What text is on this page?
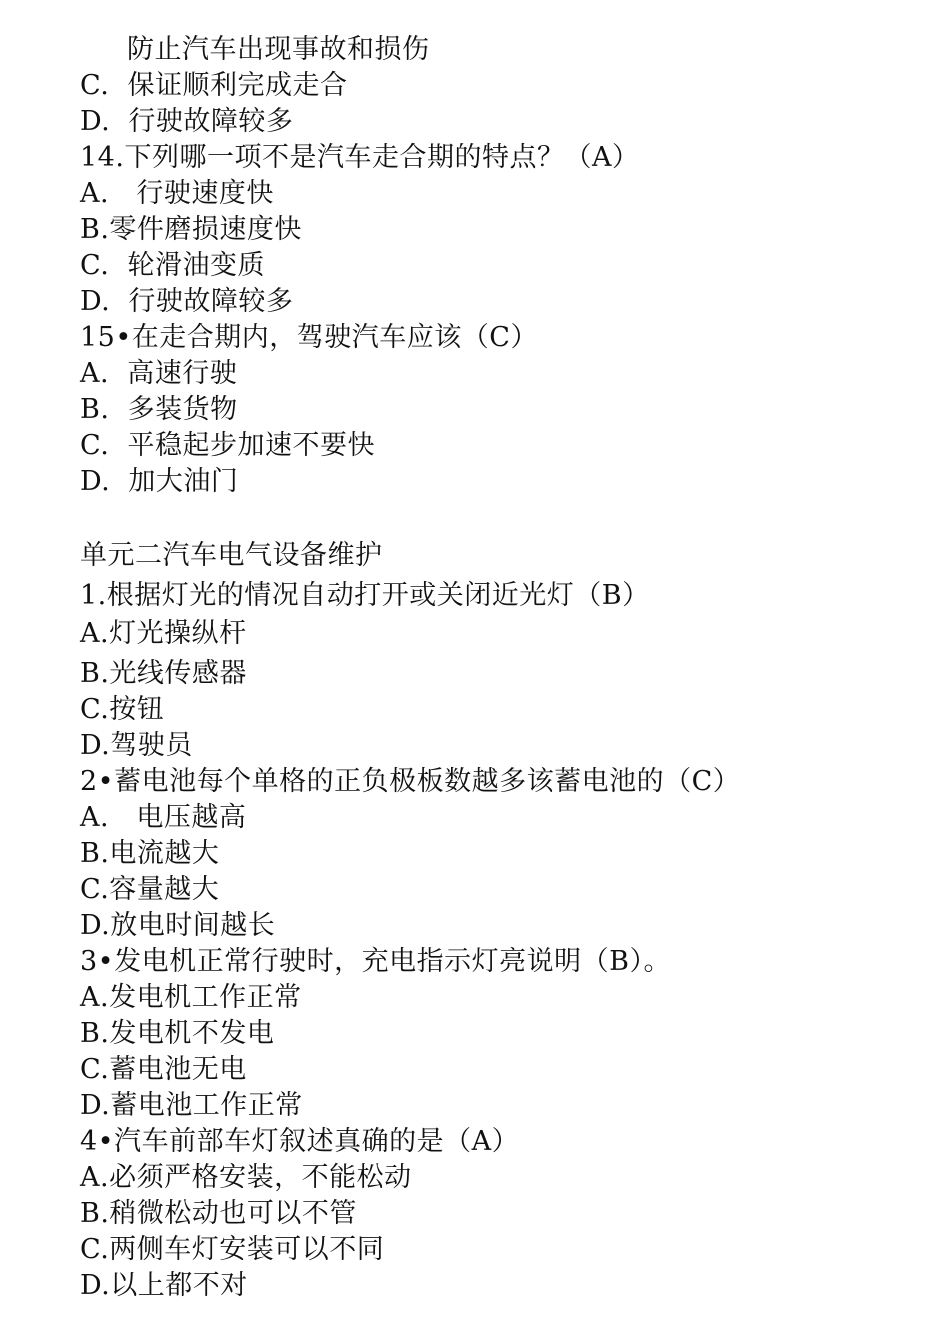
防止汽车出现事故和损伤
C.  保证顺利完成走合
D.  行驶故障较多
14.下列哪一项不是汽车走合期的特点？（A）
A.   行驶速度快
B.零件磨损速度快
C.  轮滑油变质
D.  行驶故障较多
15•在走合期内，驾驶汽车应该（C）
A.  高速行驶
B.  多装货物
C.  平稳起步加速不要快
D.  加大油门
单元二汽车电气设备维护
1.根据灯光的情况自动打开或关闭近光灯（B）
A.灯光操纵杆
B.光线传感器
C.按钮
D.驾驶员
2•蓄电池每个单格的正负极板数越多该蓄电池的（C）
A.   电压越高
B.电流越大
C.容量越大
D.放电时间越长
3•发电机正常行驶时，充电指示灯亮说明（B）。
A.发电机工作正常
B.发电机不发电
C.蓄电池无电
D.蓄电池工作正常
4•汽车前部车灯叙述真确的是（A）
A.必须严格安装，不能松动
B.稍微松动也可以不管
C.两侧车灯安装可以不同
D.以上都不对
